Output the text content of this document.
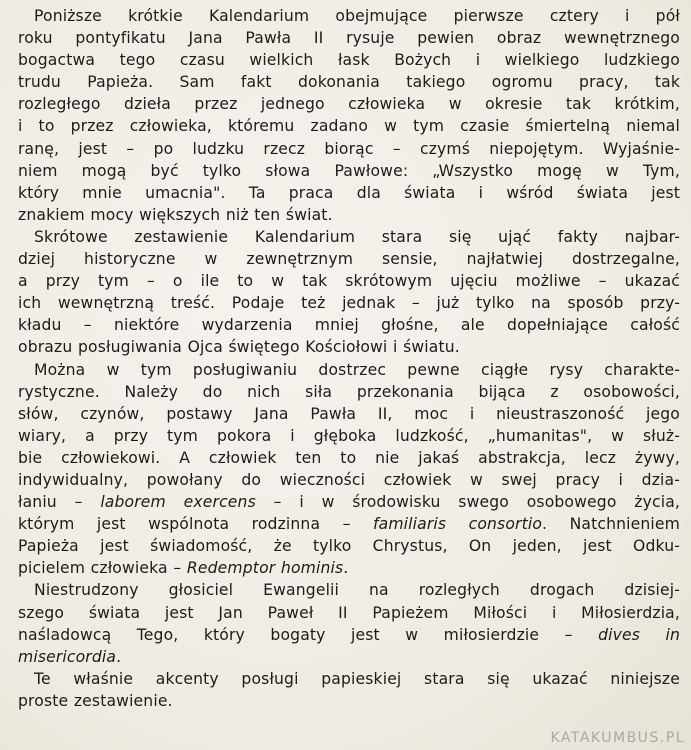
Poniższe krótkie Kalendarium obejmujące pierwsze cztery i pół
roku pontyfikatu Jana Pawła II rysuje pewien obraz wewnętrznego
bogactwa tego czasu wielkich łask Bożych i wielkiego ludzkiego
trudu Papieża. Sam fakt dokonania takiego ogromu pracy, tak
rozległego dzieła przez jednego człowieka w okresie tak krótkim,
i to przez człowieka, któremu zadano w tym czasie śmiertelną niemal
ranę, jest – po ludzku rzecz biorąc – czymś niepojętym. Wyjaśnie-
niem mogą być tylko słowa Pawłowe: „Wszystko mogę w Tym,
który mnie umacnia". Ta praca dla świata i wśród świata jest
znakiem mocy większych niż ten świat.
Skrótowe zestawienie Kalendarium stara się ująć fakty najbar-
dziej historyczne w zewnętrznym sensie, najłatwiej dostrzegalne,
a przy tym – o ile to w tak skrótowym ujęciu możliwe – ukazać
ich wewnętrzną treść. Podaje też jednak – już tylko na sposób przy-
kładu – niektóre wydarzenia mniej głośne, ale dopełniające całość
obrazu posługiwania Ojca świętego Kościołowi i światu.
Można w tym posługiwaniu dostrzec pewne ciągłe rysy charakte-
rystyczne. Należy do nich siła przekonania bijąca z osobowości,
słów, czynów, postawy Jana Pawła II, moc i nieustraszoność jego
wiary, a przy tym pokora i głęboka ludzkość, „humanitas", w służ-
bie człowiekowi. A człowiek ten to nie jakaś abstrakcja, lecz żywy,
indywidualny, powołany do wieczności człowiek w swej pracy i dzia-
łaniu – laborem exercens – i w środowisku swego osobowego życia,
którym jest wspólnota rodzinna – familiaris consortio. Natchnieniem
Papieża jest świadomość, że tylko Chrystus, On jeden, jest Odku-
picielem człowieka – Redemptor hominis.
Niestrudzony głosiciel Ewangelii na rozległych drogach dzisiej-
szego świata jest Jan Paweł II Papieżem Miłości i Miłosierdzia,
naśladowcą Tego, który bogaty jest w miłosierdzie – dives in
misericordia.
Te właśnie akcenty posługi papieskiej stara się ukazać niniejsze
proste zestawienie.
KATAKUMBUS.PL
